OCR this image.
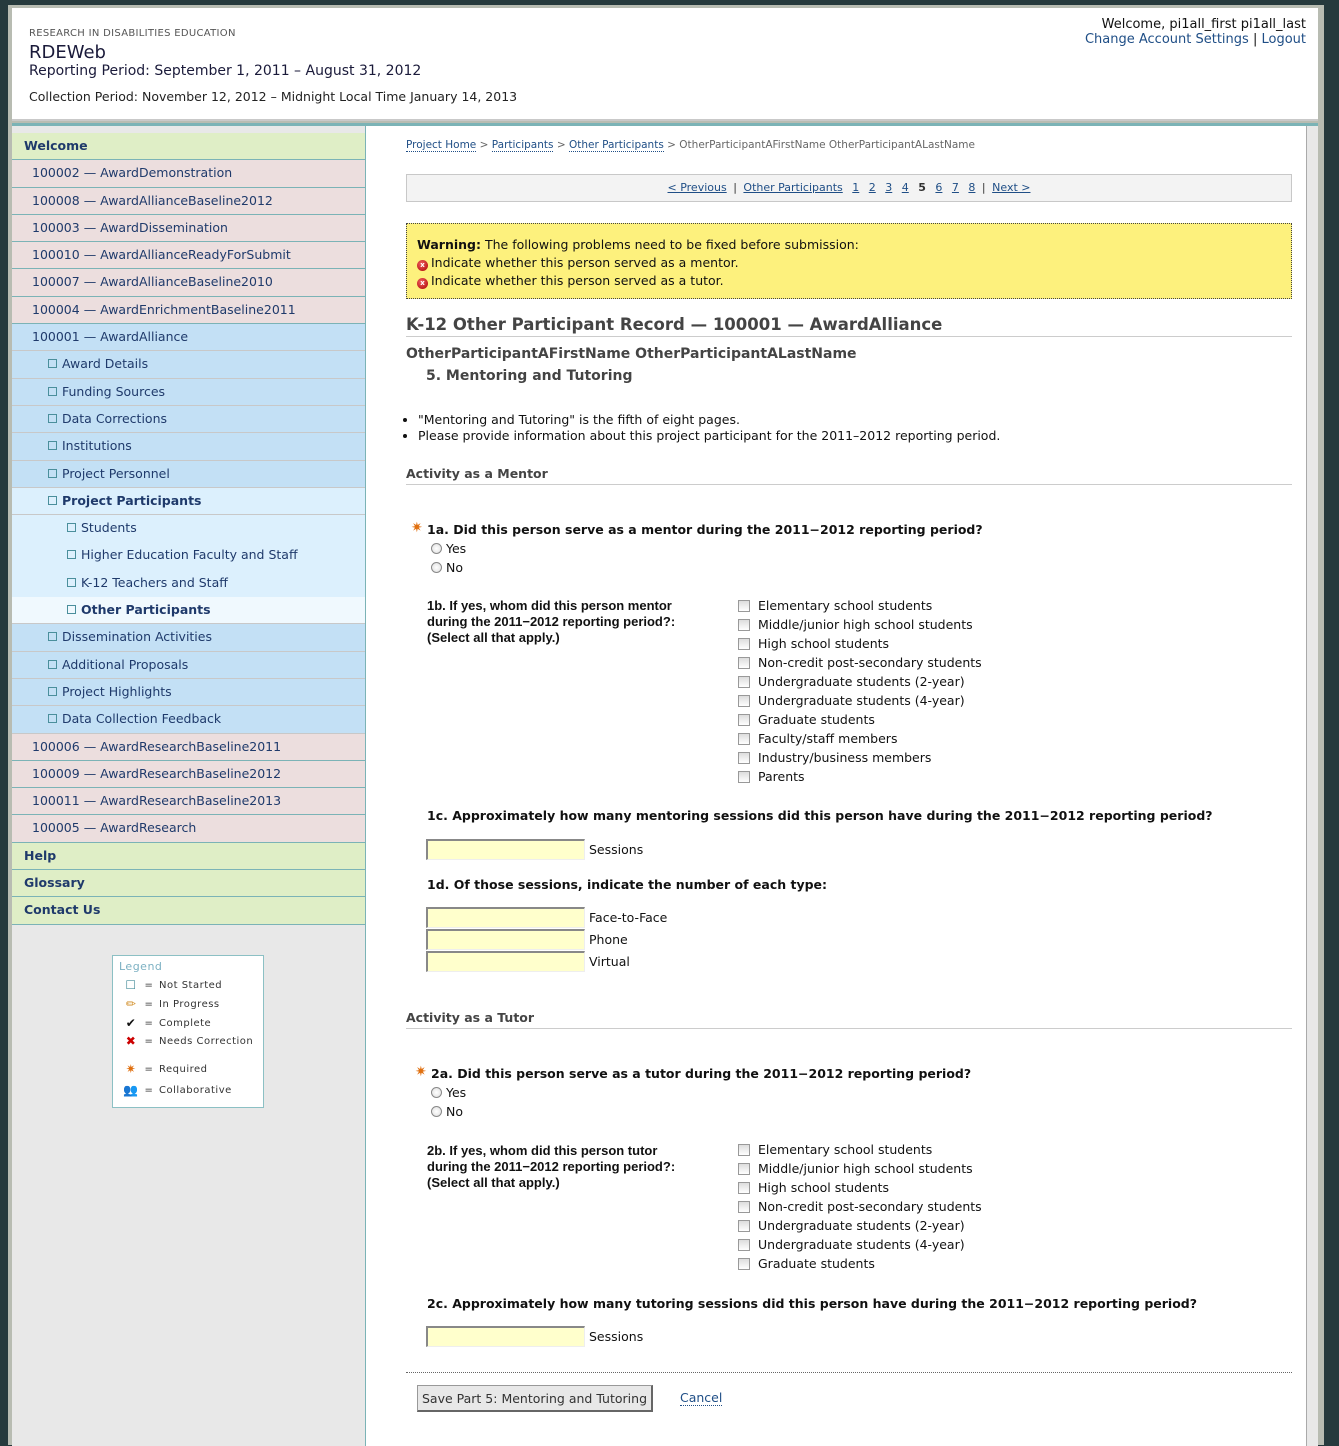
RESEARCH IN DISABILITIES EDUCATION
RDEWeb
Reporting Period: September 1, 2011 – August 31, 2012
Collection Period: November 12, 2012 – Midnight Local Time January 14, 2013
Welcome, pi1all_first pi1all_last
Change Account Settings | Logout
Welcome
100002 — AwardDemonstration
100008 — AwardAllianceBaseline2012
100003 — AwardDissemination
100010 — AwardAllianceReadyForSubmit
100007 — AwardAllianceBaseline2010
100004 — AwardEnrichmentBaseline2011
100001 — AwardAlliance
Award Details
Funding Sources
Data Corrections
Institutions
Project Personnel
Project Participants
Students
Higher Education Faculty and Staff
K-12 Teachers and Staff
Other Participants
Dissemination Activities
Additional Proposals
Project Highlights
Data Collection Feedback
100006 — AwardResearchBaseline2011
100009 — AwardResearchBaseline2012
100011 — AwardResearchBaseline2013
100005 — AwardResearch
Help
Glossary
Contact Us
Legend
☐ = Not Started
✏ = In Progress
✔ = Complete
✖ = Needs Correction
✷ = Required
👥 = Collaborative
Project Home > Participants > Other Participants > OtherParticipantAFirstName OtherParticipantALastName
< Previous | Other Participants 1 2 3 4 5 6 7 8 | Next >
Warning: The following problems need to be fixed before submission:
x Indicate whether this person served as a mentor.
x Indicate whether this person served as a tutor.
K-12 Other Participant Record — 100001 — AwardAlliance
OtherParticipantAFirstName OtherParticipantALastName
5. Mentoring and Tutoring
• "Mentoring and Tutoring" is the fifth of eight pages.
• Please provide information about this project participant for the 2011–2012 reporting period.
Activity as a Mentor
✷ 1a. Did this person serve as a mentor during the 2011−2012 reporting period?
Yes
No
1b. If yes, whom did this person mentor
during the 2011−2012 reporting period?:
(Select all that apply.)
Elementary school students
Middle/junior high school students
High school students
Non-credit post-secondary students
Undergraduate students (2-year)
Undergraduate students (4-year)
Graduate students
Faculty/staff members
Industry/business members
Parents
1c. Approximately how many mentoring sessions did this person have during the 2011−2012 reporting period?
Sessions
1d. Of those sessions, indicate the number of each type:
Face-to-Face
Phone
Virtual
Activity as a Tutor
✷ 2a. Did this person serve as a tutor during the 2011−2012 reporting period?
Yes
No
2b. If yes, whom did this person tutor
during the 2011−2012 reporting period?:
(Select all that apply.)
Elementary school students
Middle/junior high school students
High school students
Non-credit post-secondary students
Undergraduate students (2-year)
Undergraduate students (4-year)
Graduate students
2c. Approximately how many tutoring sessions did this person have during the 2011−2012 reporting period?
Sessions
Save Part 5: Mentoring and Tutoring	Cancel
